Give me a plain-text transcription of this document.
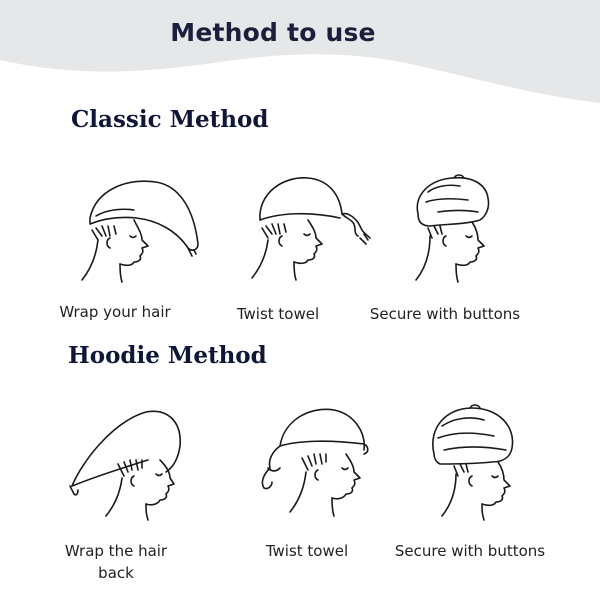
Method to use
Classic Method
Wrap your hair	Twist towel	Secure with buttons
Hoodie Method
Wrap the hair
back
Twist towel	Secure with buttons
